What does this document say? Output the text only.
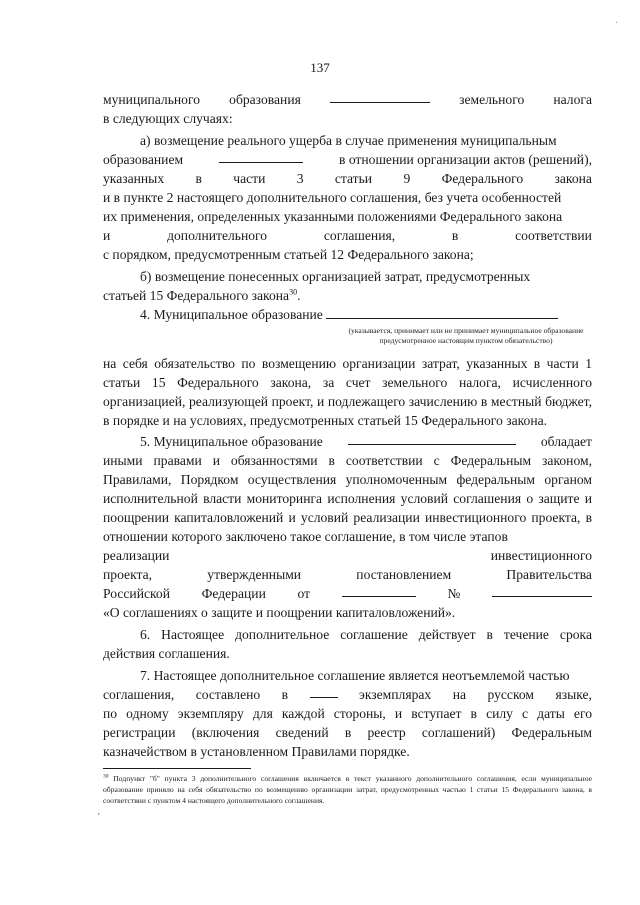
·
137
муниципального образования	земельного налога

в следующих случаях:

а) возмещение реального ущерба в случае применения муниципальным

образованием	в отношении организации актов (решений),
указанных в части 3 статьи 9 Федерального закона
и в пункте 2 настоящего дополнительного соглашения, без учета особенностей
их применения, определенных указанными положениями Федерального закона
и	дополнительного	соглашения,	в	соответствии

с порядком, предусмотренным статьей 12 Федерального закона;

б) возмещение понесенных организацией затрат, предусмотренных

статьей 15 Федерального закона$^{30}$.

4. Муниципальное образование
(указывается, принимает или не принимает муниципальное образование предусмотренное настоящим пунктом обязательство)

на себя обязательство по возмещению организации затрат, указанных в части 1 статьи 15 Федерального закона, за счет земельного налога, исчисленного организацией, реализующей проект, и подлежащего зачислению в местный бюджет, в порядке и на условиях, предусмотренных статьей 15 Федерального закона.

5. Муниципальное образование	обладает

иными правами и обязанностями в соответствии с Федеральным законом, Правилами, Порядком осуществления уполномоченным федеральным органом исполнительной власти мониторинга исполнения условий соглашения о защите и поощрении капиталовложений и условий реализации инвестиционного проекта, в отношении которого заключено такое соглашение, в том числе этапов

реализации	инвестиционного
проекта,	утвержденными	постановлением	Правительства
Российской Федерации от	№

«О соглашениях о защите и поощрении капиталовложений».

6. Настоящее дополнительное соглашение действует в течение срока действия соглашения.

7. Настоящее дополнительное соглашение является неотъемлемой частью

соглашения, составлено в	экземплярах на русском языке,

по одному экземпляру для каждой стороны, и вступает в силу с даты его регистрации (включения сведений в реестр соглашений) Федеральным казначейством в установленном Правилами порядке.

$^{30}$ Подпункт "б" пункта 3 дополнительного соглашения включается в текст указанного дополнительного соглашения, если муниципальное образование приняло на себя обязательство по возмещению организации затрат, предусмотренных частью 1 статьи 15 Федерального закона, в соответствии с пунктом 4 настоящего дополнительного соглашения.
'
